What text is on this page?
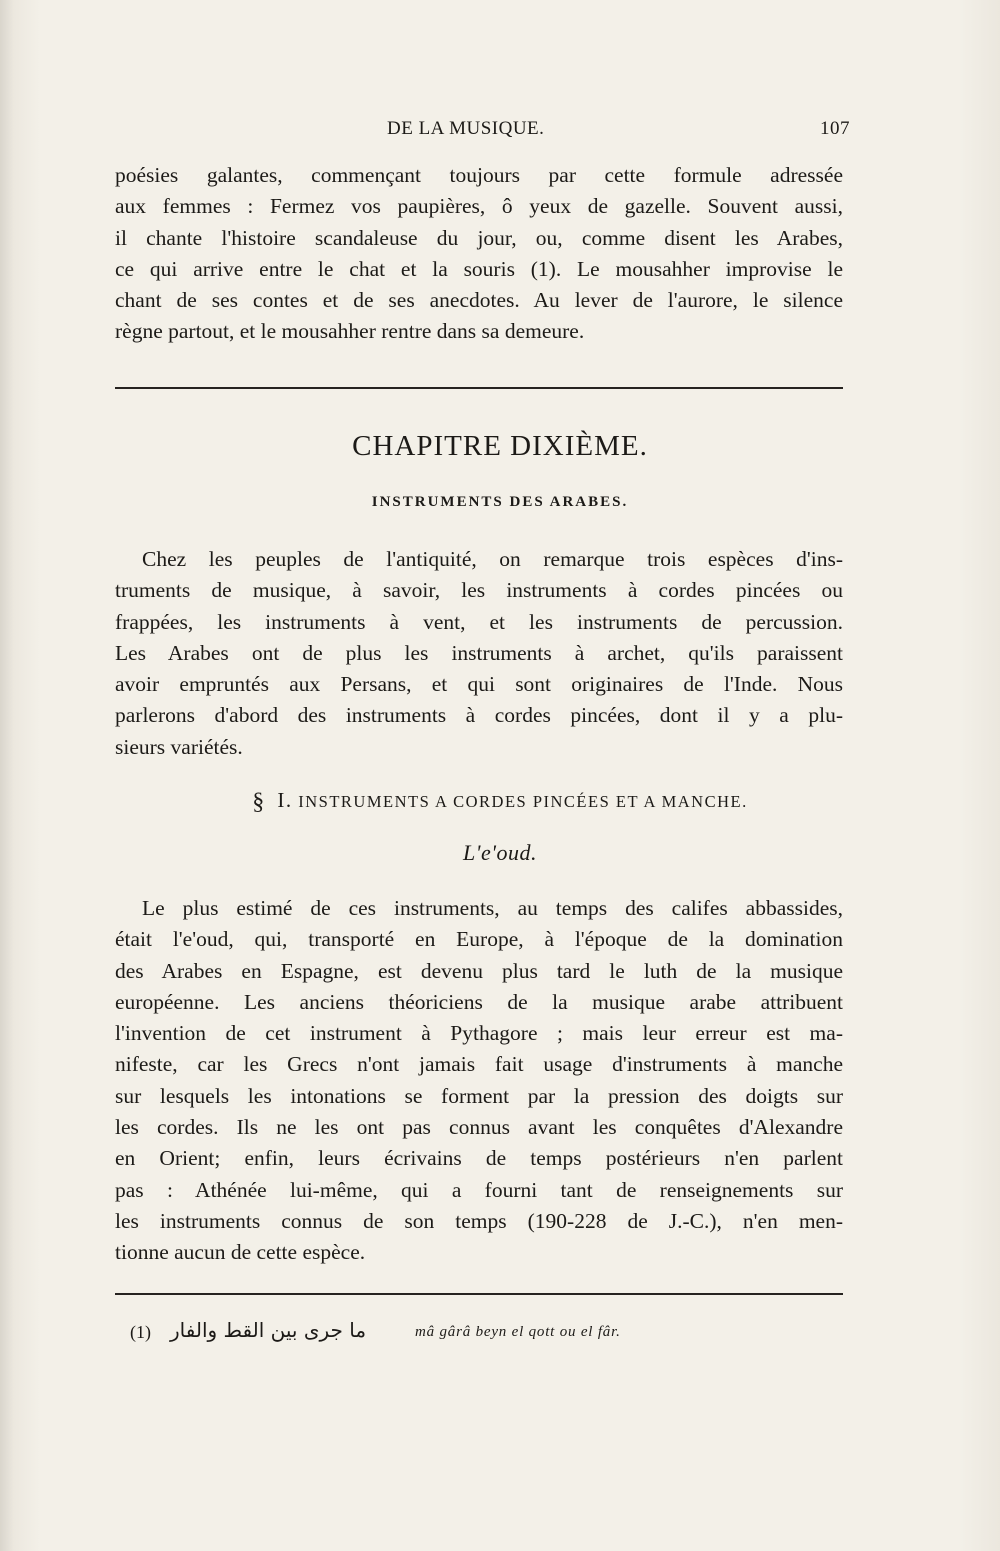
DE LA MUSIQUE.	107

poésies galantes, commençant toujours par cette formule adressée
aux femmes : Fermez vos paupières, ô yeux de gazelle. Souvent aussi,
il chante l'histoire scandaleuse du jour, ou, comme disent les Arabes,
ce qui arrive entre le chat et la souris (1). Le mousahher improvise le
chant de ses contes et de ses anecdotes. Au lever de l'aurore, le silence
règne partout, et le mousahher rentre dans sa demeure.

CHAPITRE DIXIÈME.
INSTRUMENTS DES ARABES.

Chez les peuples de l'antiquité, on remarque trois espèces d'ins-
truments de musique, à savoir, les instruments à cordes pincées ou
frappées, les instruments à vent, et les instruments de percussion.
Les Arabes ont de plus les instruments à archet, qu'ils paraissent
avoir empruntés aux Persans, et qui sont originaires de l'Inde. Nous
parlerons d'abord des instruments à cordes pincées, dont il y a plu-
sieurs variétés.

§ I. INSTRUMENTS A CORDES PINCÉES ET A MANCHE.
L'e'oud.

Le plus estimé de ces instruments, au temps des califes abbassides,
était l'e'oud, qui, transporté en Europe, à l'époque de la domination
des Arabes en Espagne, est devenu plus tard le luth de la musique
européenne. Les anciens théoriciens de la musique arabe attribuent
l'invention de cet instrument à Pythagore ; mais leur erreur est ma-
nifeste, car les Grecs n'ont jamais fait usage d'instruments à manche
sur lesquels les intonations se forment par la pression des doigts sur
les cordes. Ils ne les ont pas connus avant les conquêtes d'Alexandre
en Orient; enfin, leurs écrivains de temps postérieurs n'en parlent
pas : Athénée lui-même, qui a fourni tant de renseignements sur
les instruments connus de son temps (190-228 de J.-C.), n'en men-
tionne aucun de cette espèce.

(1) ما جرى بين القط والفار	mâ gârâ beyn el qott ou el fâr.
